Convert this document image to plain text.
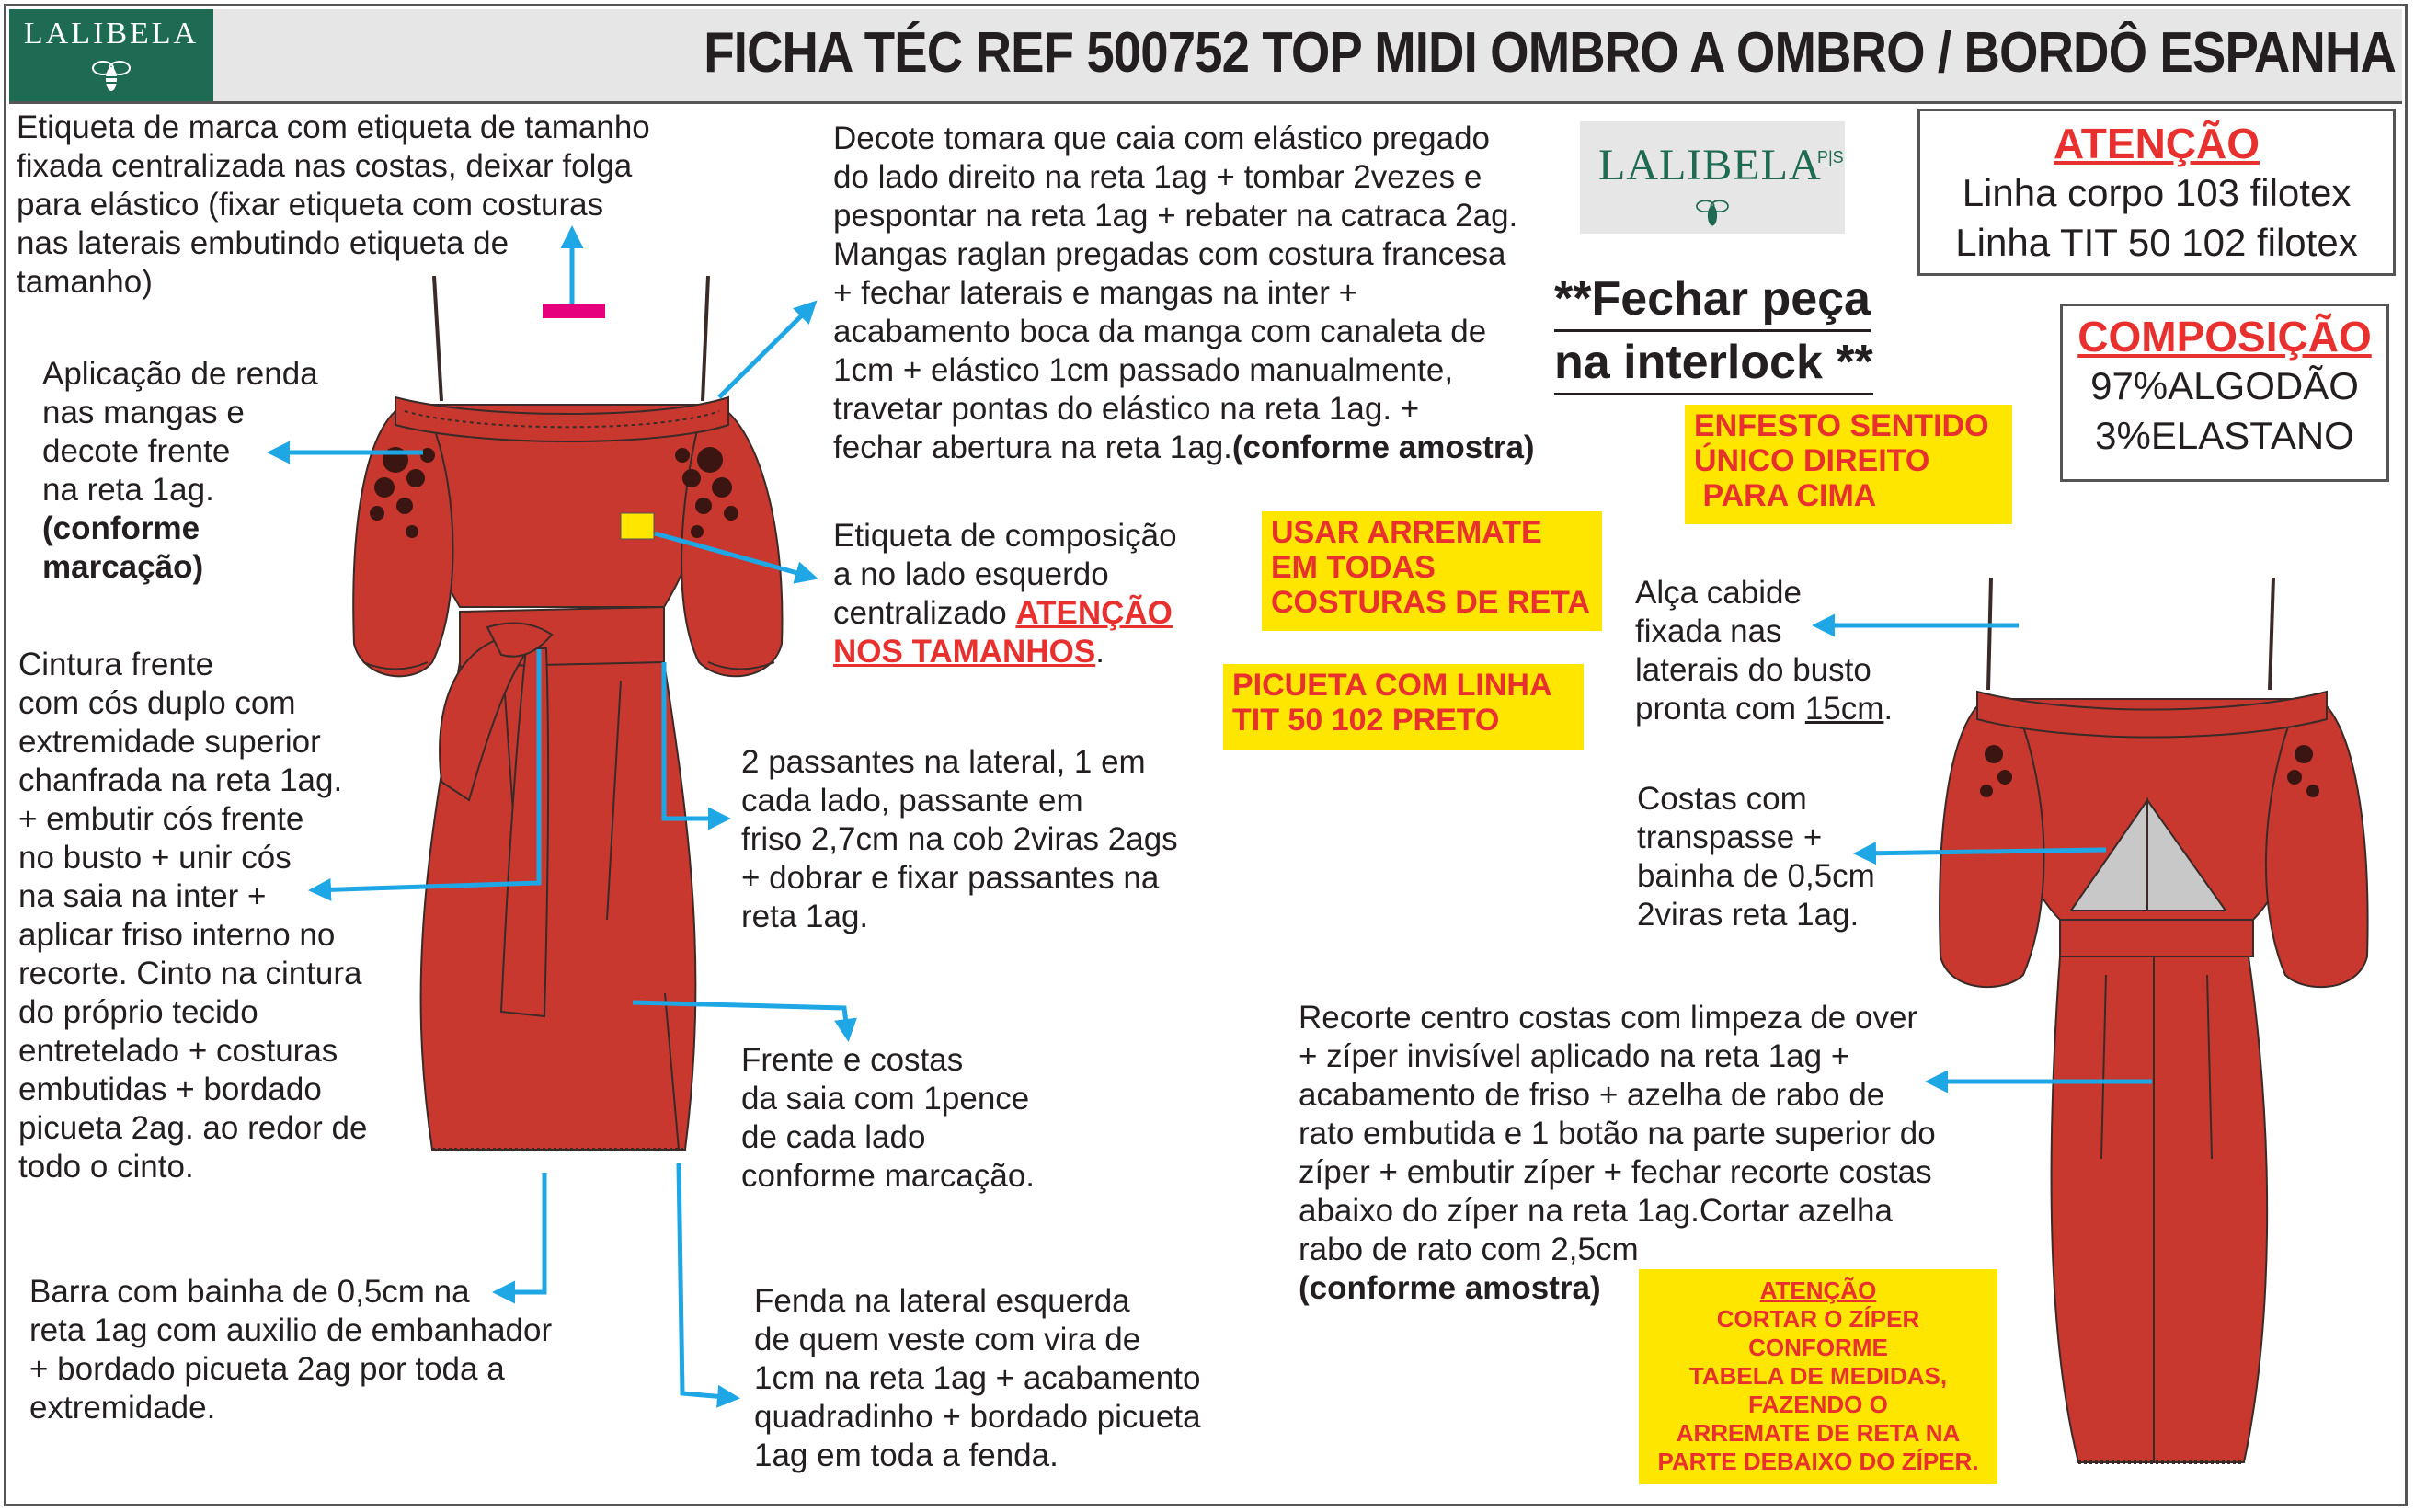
LALIBELA	FICHA TÉC REF 500752 TOP MIDI OMBRO A OMBRO / BORDÔ ESPANHA
LALIBELA
P|S	ATENÇÃO
Linha corpo 103 filotex
Linha TIT 50 102 filotex
COMPOSIÇÃO
97%ALGODÃO
3%ELASTANO
**Fechar peça
na interlock **
ENFESTO SENTIDO
ÚNICO DIREITO
PARA CIMA
USAR ARREMATE
EM TODAS
COSTURAS DE RETA
PICUETA COM LINHA
TIT 50 102 PRETO
ATENÇÃO
CORTAR O ZÍPER
CONFORME
TABELA DE MEDIDAS,
FAZENDO O
ARREMATE DE RETA NA
PARTE DEBAIXO DO ZÍPER.
Etiqueta de marca com etiqueta de tamanho
fixada centralizada nas costas, deixar folga
para elástico (fixar etiqueta com costuras
nas laterais embutindo etiqueta de
tamanho)
Aplicação de renda
nas mangas e
decote frente
na reta 1ag.
(conforme
marcação)
Cintura frente
com cós duplo com
extremidade superior
chanfrada na reta 1ag.
+ embutir cós frente
no busto + unir cós
na saia na inter +
aplicar friso interno no
recorte. Cinto na cintura
do próprio tecido
entretelado + costuras
embutidas + bordado
picueta 2ag. ao redor de
todo o cinto.
Barra com bainha de 0,5cm na
reta 1ag com auxilio de embanhador
+ bordado picueta 2ag por toda a
extremidade.
Decote tomara que caia com elástico pregado
do lado direito na reta 1ag + tombar 2vezes e
pespontar na reta 1ag + rebater na catraca 2ag.
Mangas raglan pregadas com costura francesa
+ fechar laterais e mangas na inter +
acabamento boca da manga com canaleta de
1cm + elástico 1cm passado manualmente,
travetar pontas do elástico na reta 1ag. +
fechar abertura na reta 1ag.(conforme amostra)
Etiqueta de composição
a no lado esquerdo
centralizado ATENÇÃO
NOS TAMANHOS.
2 passantes na lateral, 1 em
cada lado, passante em
friso 2,7cm na cob 2viras 2ags
+ dobrar e fixar passantes na
reta 1ag.
Frente e costas
da saia com 1pence
de cada lado
conforme marcação.
Fenda na lateral esquerda
de quem veste com vira de
1cm na reta 1ag + acabamento
quadradinho + bordado picueta
1ag em toda a fenda.
Alça cabide
fixada nas
laterais do busto
pronta com 15cm.
Costas com
transpasse +
bainha de 0,5cm
2viras reta 1ag.
Recorte centro costas com limpeza de over
+ zíper invisível aplicado na reta 1ag +
acabamento de friso + azelha de rabo de
rato embutida e 1 botão na parte superior do
zíper + embutir zíper + fechar recorte costas
abaixo do zíper na reta 1ag.Cortar azelha
rabo de rato com 2,5cm
(conforme amostra)
